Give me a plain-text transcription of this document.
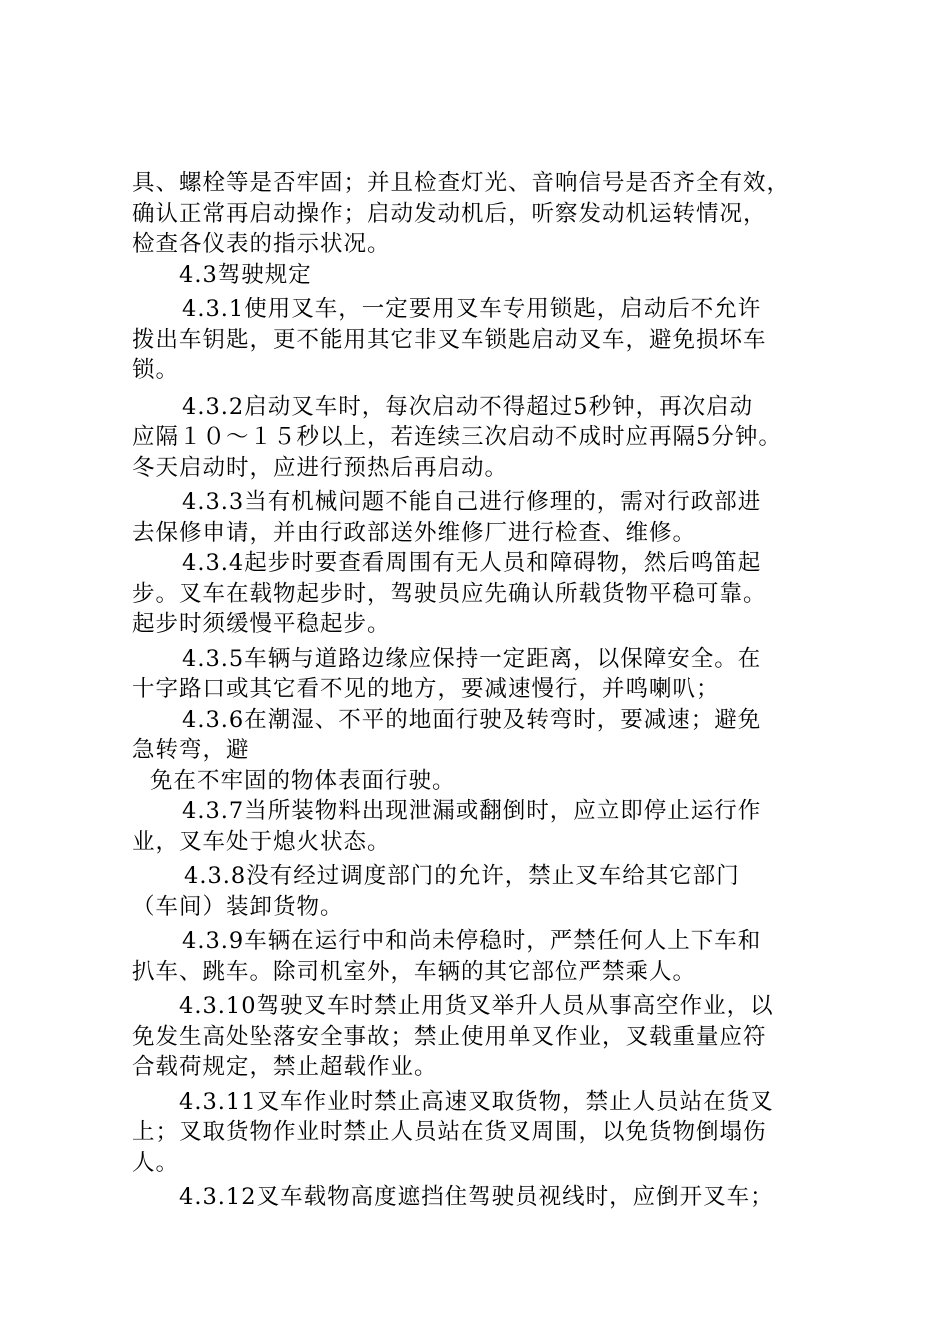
具、螺栓等是否牢固；并且检查灯光、音响信号是否齐全有效，
确认正常再启动操作；启动发动机后，听察发动机运转情况，
检查各仪表的指示状况。

4.3驾驶规定

4.3.1使用叉车，一定要用叉车专用锁匙，启动后不允许
拨出车钥匙，更不能用其它非叉车锁匙启动叉车，避免损坏车
锁。

4.3.2启动叉车时，每次启动不得超过5秒钟，再次启动
应隔１０～１５秒以上，若连续三次启动不成时应再隔5分钟。
冬天启动时，应进行预热后再启动。

4.3.3当有机械问题不能自己进行修理的，需对行政部进
去保修申请，并由行政部送外维修厂进行检查、维修。

4.3.4起步时要查看周围有无人员和障碍物，然后鸣笛起
步。叉车在载物起步时，驾驶员应先确认所载货物平稳可靠。
起步时须缓慢平稳起步。

4.3.5车辆与道路边缘应保持一定距离，以保障安全。在
十字路口或其它看不见的地方，要减速慢行，并鸣喇叭；

4.3.6在潮湿、不平的地面行驶及转弯时，要减速；避免
急转弯，避

免在不牢固的物体表面行驶。

4.3.7当所装物料出现泄漏或翻倒时，应立即停止运行作
业，叉车处于熄火状态。

4.3.8没有经过调度部门的允许，禁止叉车给其它部门
（车间）装卸货物。

4.3.9车辆在运行中和尚未停稳时，严禁任何人上下车和
扒车、跳车。除司机室外，车辆的其它部位严禁乘人。

4.3.10驾驶叉车时禁止用货叉举升人员从事高空作业，以
免发生高处坠落安全事故；禁止使用单叉作业，叉载重量应符
合载荷规定，禁止超载作业。

4.3.11叉车作业时禁止高速叉取货物，禁止人员站在货叉
上；叉取货物作业时禁止人员站在货叉周围，以免货物倒塌伤
人。

4.3.12叉车载物高度遮挡住驾驶员视线时，应倒开叉车；
